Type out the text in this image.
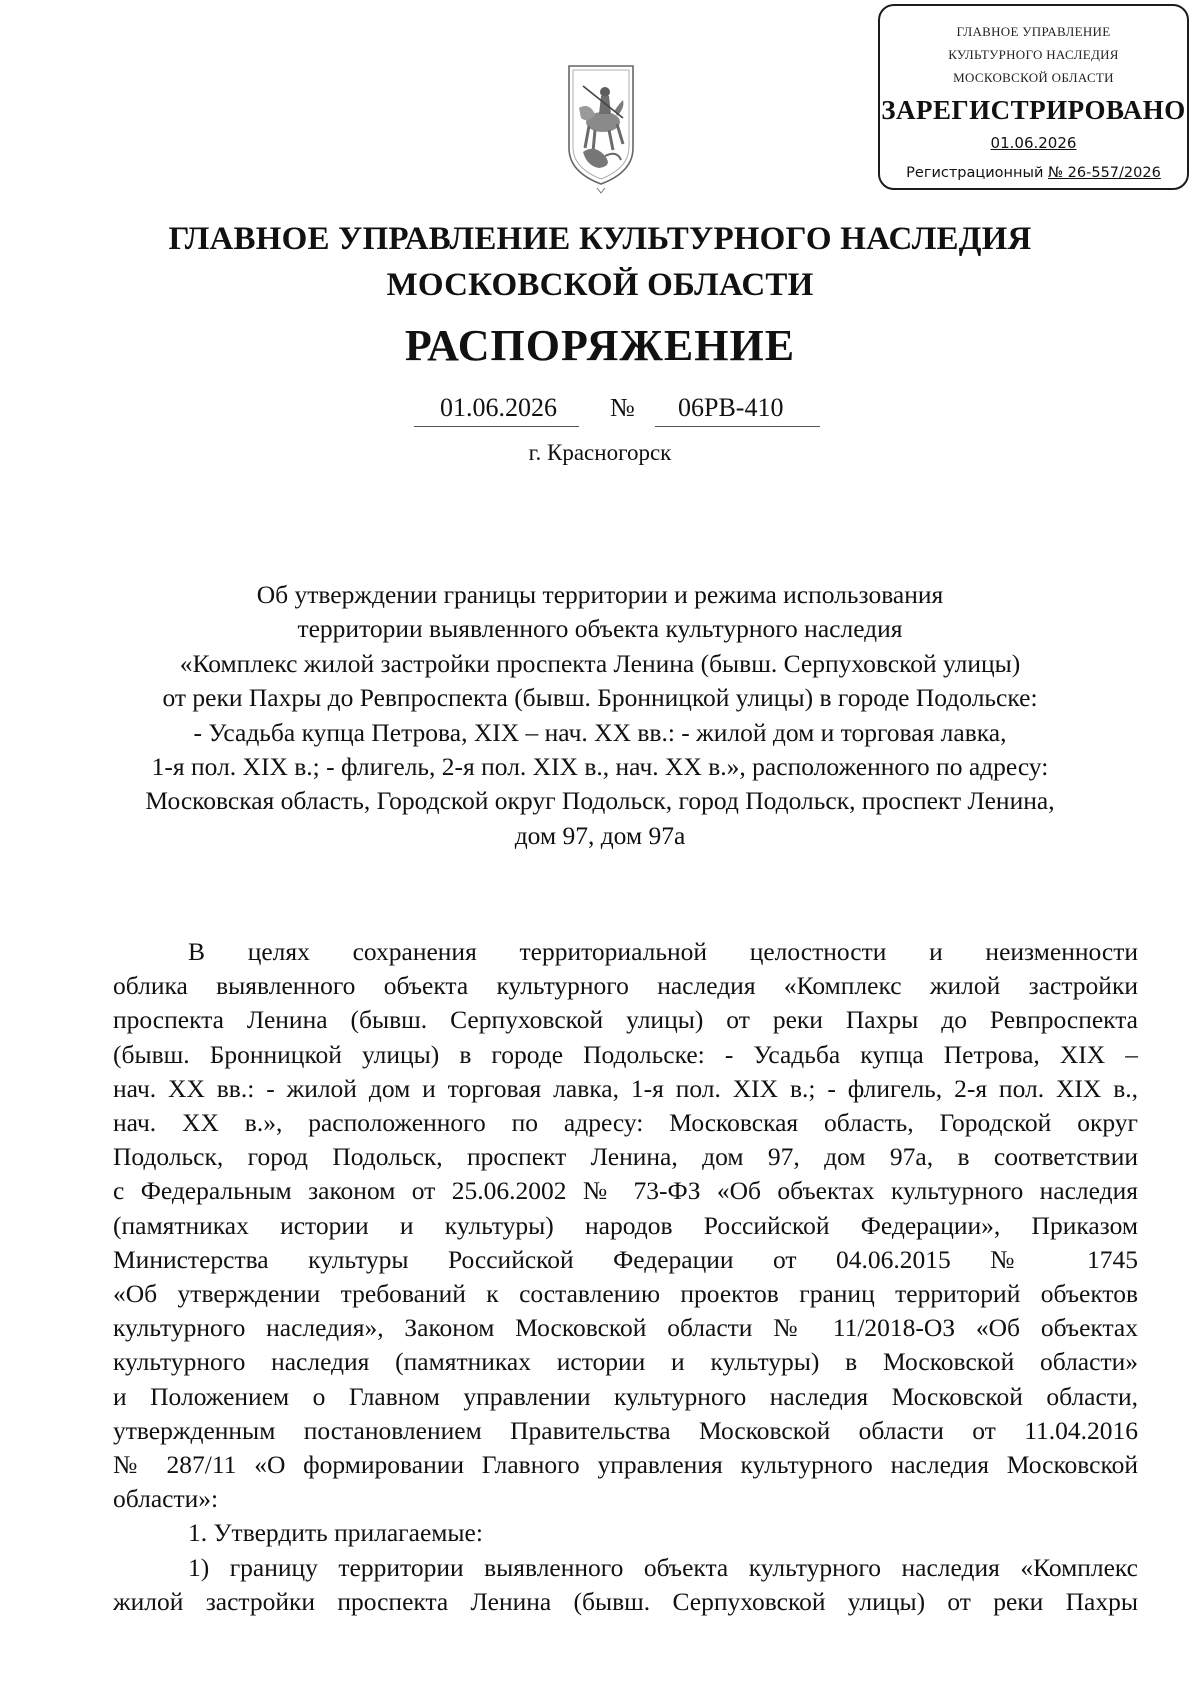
ГЛАВНОЕ УПРАВЛЕНИЕ
КУЛЬТУРНОГО НАСЛЕДИЯ
МОСКОВСКОЙ ОБЛАСТИ
ЗАРЕГИСТРИРОВАНО
01.06.2026
Регистрационный № 26-557/2026
ГЛАВНОЕ УПРАВЛЕНИЕ КУЛЬТУРНОГО НАСЛЕДИЯ
МОСКОВСКОЙ ОБЛАСТИ
РАСПОРЯЖЕНИЕ
01.06.2026 № 06РВ-410
г. Красногорск
Об утверждении границы территории и режима использования
территории выявленного объекта культурного наследия
«Комплекс жилой застройки проспекта Ленина (бывш. Серпуховской улицы)
от реки Пахры до Ревпроспекта (бывш. Бронницкой улицы) в городе Подольске:
- Усадьба купца Петрова, XIX – нач. XX вв.: - жилой дом и торговая лавка,
1-я пол. XIX в.; - флигель, 2-я пол. XIX в., нач. XX в.», расположенного по адресу:
Московская область, Городской округ Подольск, город Подольск, проспект Ленина,
дом 97, дом 97а

В целях сохранения территориальной целостности и неизменности

облика выявленного объекта культурного наследия «Комплекс жилой застройки

проспекта Ленина (бывш. Серпуховской улицы) от реки Пахры до Ревпроспекта

(бывш. Бронницкой улицы) в городе Подольске: - Усадьба купца Петрова, XIX –

нач. XX вв.: - жилой дом и торговая лавка, 1-я пол. XIX в.; - флигель, 2-я пол. XIX в.,

нач. XX в.», расположенного по адресу: Московская область, Городской округ

Подольск, город Подольск, проспект Ленина, дом 97, дом 97а, в соответствии

с Федеральным законом от 25.06.2002 № 73-ФЗ «Об объектах культурного наследия

(памятниках истории и культуры) народов Российской Федерации», Приказом

Министерства культуры Российской Федерации от 04.06.2015 № 1745

«Об утверждении требований к составлению проектов границ территорий объектов

культурного наследия», Законом Московской области № 11/2018-ОЗ «Об объектах

культурного наследия (памятниках истории и культуры) в Московской области»

и Положением о Главном управлении культурного наследия Московской области,

утвержденным постановлением Правительства Московской области от 11.04.2016

№ 287/11 «О формировании Главного управления культурного наследия Московской

области»:

1. Утвердить прилагаемые:

1) границу территории выявленного объекта культурного наследия «Комплекс

жилой застройки проспекта Ленина (бывш. Серпуховской улицы) от реки Пахры
